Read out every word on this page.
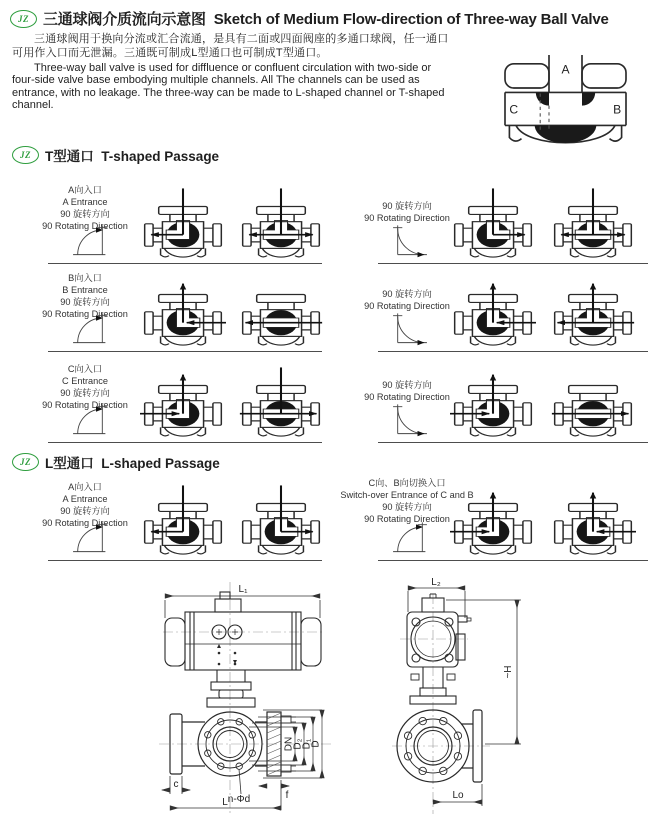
JZ 三通球阀介质流向示意图 Sketch of Medium Flow-direction of Three-way Ball Valve

三通球阀用于换向分流或汇合流通，是具有二面或四面阀座的多通口球阀，任一通口可用作入口而无泄漏。三通既可制成L型通口也可制成T型通口。

Three-way ball valve is used for diffluence or confluent circulation with two-side or four-side valve base embodying multiple channels. All The channels can be used as entrance, with no leakage. The three-way can be made to L-shaped channel or T-shaped channel.

A
C	B
JZ	T型通口 T-shaped Passage
JZ	L型通口 L-shaped Passage
A向入口
A Entrance
90 旋转方向
90 Rotating Direction
90 旋转方向
90 Rotating Direction
B向入口
B Entrance
90 旋转方向
90 Rotating Direction
90 旋转方向
90 Rotating Direction
C向入口
C Entrance
90 旋转方向
90 Rotating Direction
90 旋转方向
90 Rotating Direction
A向入口
A Entrance
90 旋转方向
90 Rotating Direction
C向、B向切换入口
Switch-over Entrance of C and B
90 旋转方向
90 Rotating Direction
L₁
DN
D₂
D₁
D
c
n-Φd	f
L
L₂
~H
Lo
